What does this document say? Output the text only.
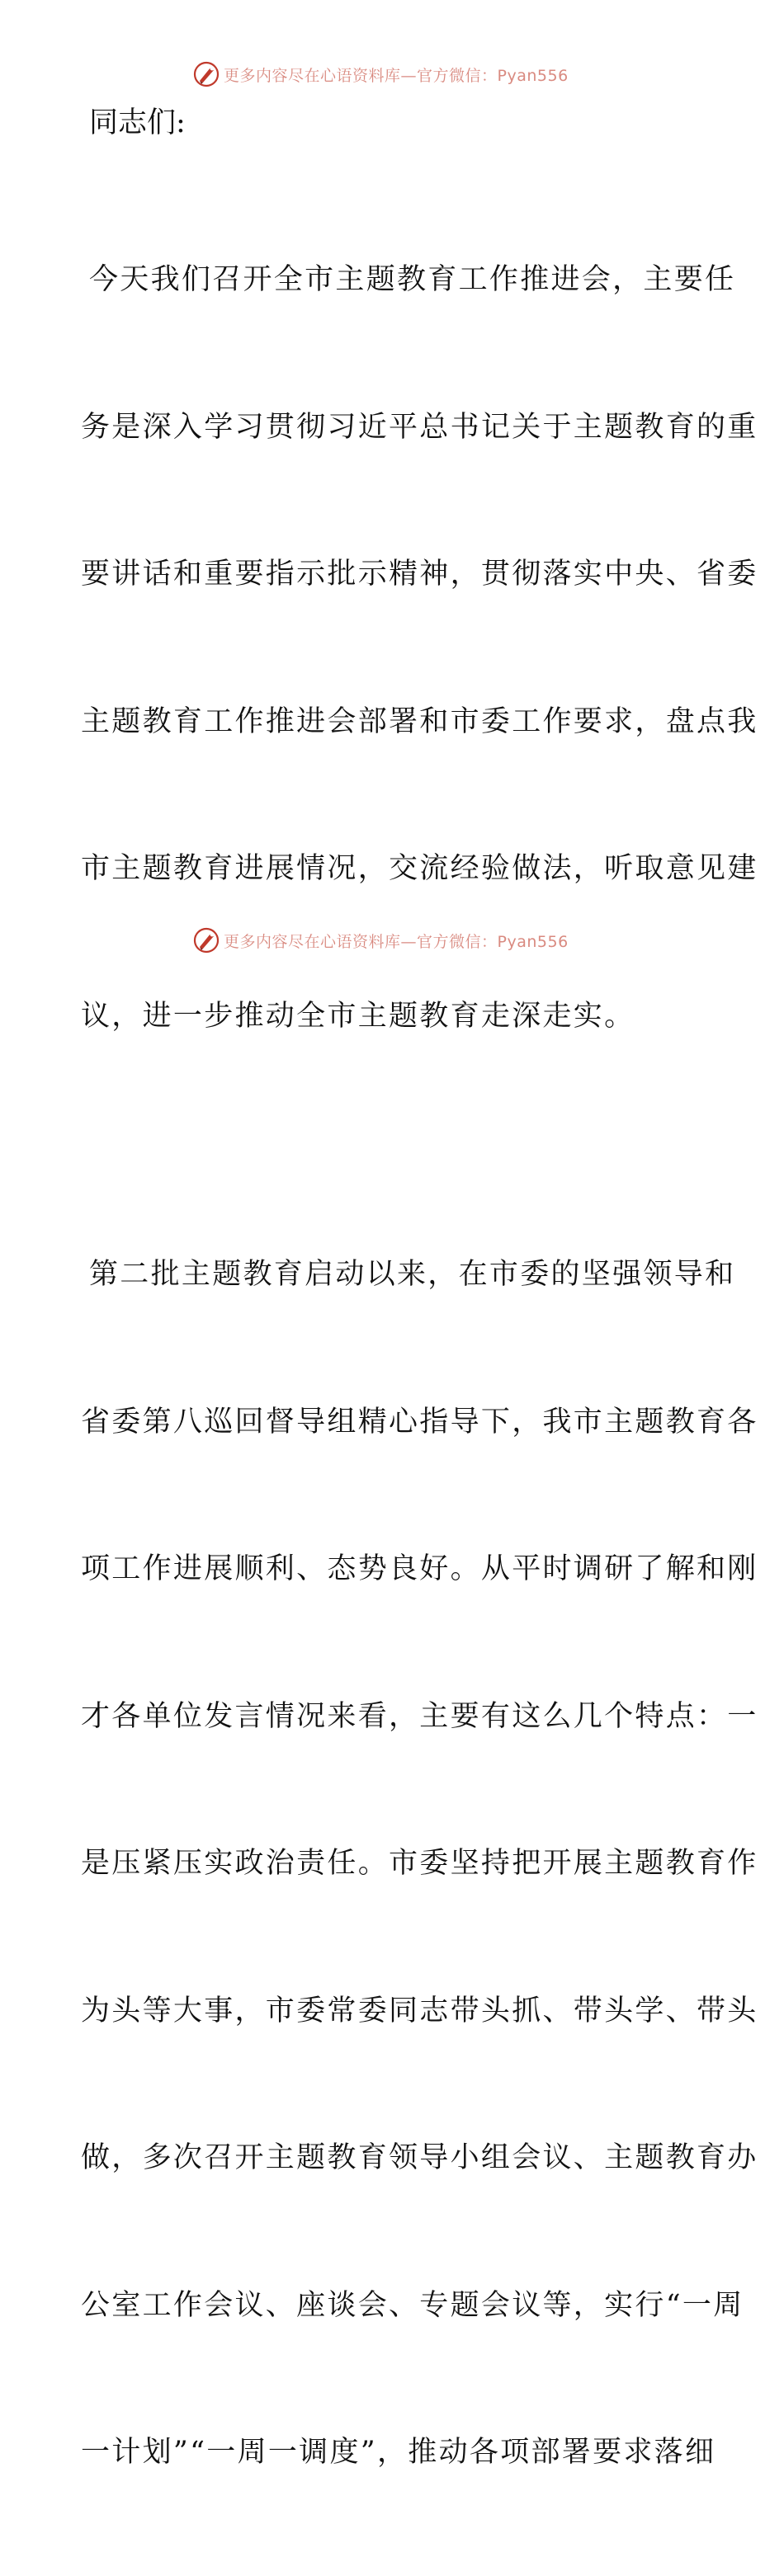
更多内容尽在心语资料库—官方微信：Pyan556

同志们:

今天我们召开全市主题教育工作推进会，主要任

务是深入学习贯彻习近平总书记关于主题教育的重

要讲话和重要指示批示精神，贯彻落实中央、省委

主题教育工作推进会部署和市委工作要求，盘点我

市主题教育进展情况，交流经验做法，听取意见建

议，进一步推动全市主题教育走深走实。

第二批主题教育启动以来，在市委的坚强领导和

省委第八巡回督导组精心指导下，我市主题教育各

项工作进展顺利、态势良好。从平时调研了解和刚

才各单位发言情况来看，主要有这么几个特点：一

是压紧压实政治责任。市委坚持把开展主题教育作

为头等大事，市委常委同志带头抓、带头学、带头

做，多次召开主题教育领导小组会议、主题教育办

公室工作会议、座谈会、专题会议等，实行“一周

一计划”“一周一调度”，推动各项部署要求落细

更多内容尽在心语资料库—官方微信：Pyan556
